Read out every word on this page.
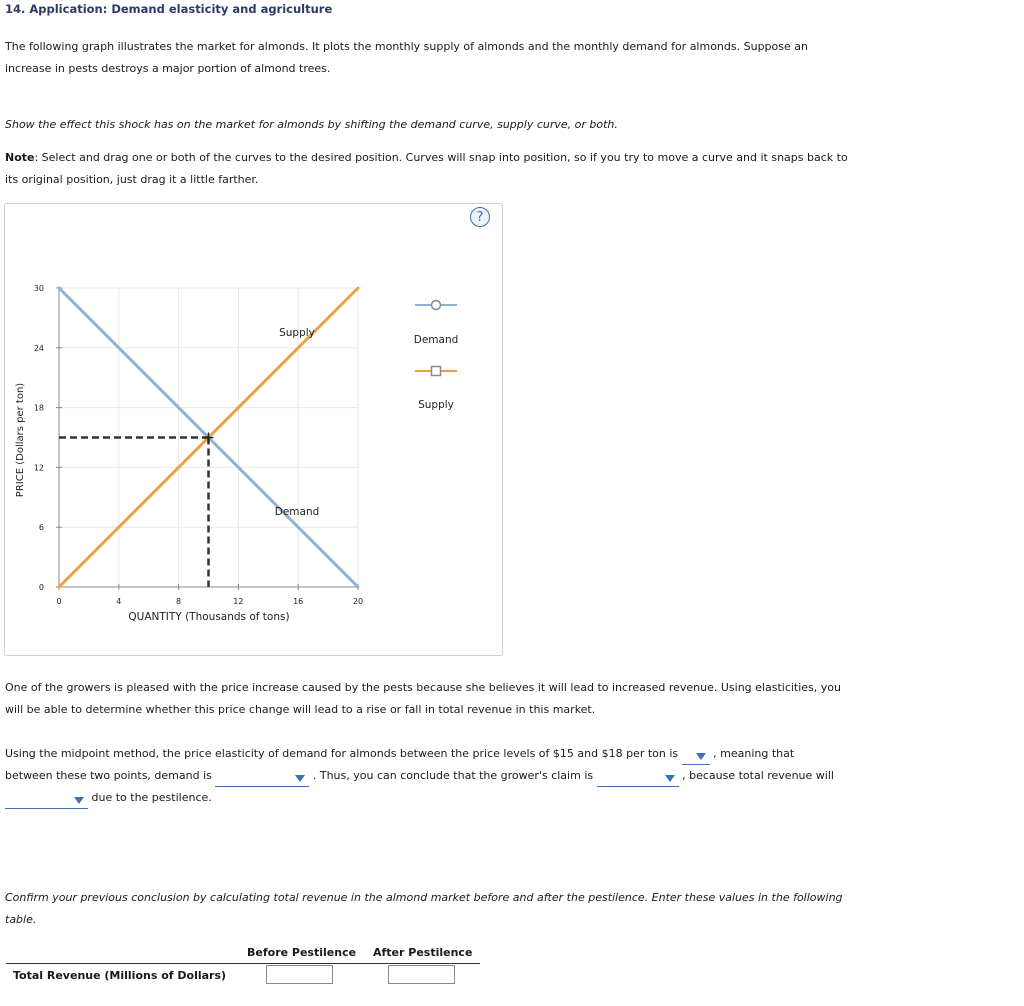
14. Application: Demand elasticity and agriculture
The following graph illustrates the market for almonds. It plots the monthly supply of almonds and the monthly demand for almonds. Suppose an increase in pests destroys a major portion of almond trees.
Show the effect this shock has on the market for almonds by shifting the demand curve, supply curve, or both.
Note: Select and drag one or both of the curves to the desired position. Curves will snap into position, so if you try to move a curve and it snaps back to its original position, just drag it a little farther.
?
0	4	8	12	16	20
0
6
12
18
24
30
PRICE (Dollars per ton)
QUANTITY (Thousands of tons)
Supply
Demand
Demand
Supply
One of the growers is pleased with the price increase caused by the pests because she believes it will lead to increased revenue. Using elasticities, you will be able to determine whether this price change will lead to a rise or fall in total revenue in this market.
Using the midpoint method, the price elasticity of demand for almonds between the price levels of $15 and $18 per ton is	, meaning that
between these two points, demand is	. Thus, you can conclude that the grower's claim is	, because total revenue will

due to the pestilence.
Confirm your previous conclusion by calculating total revenue in the almond market before and after the pestilence. Enter these values in the following table.
Before Pestilence After Pestilence
Total Revenue (Millions of Dollars)
